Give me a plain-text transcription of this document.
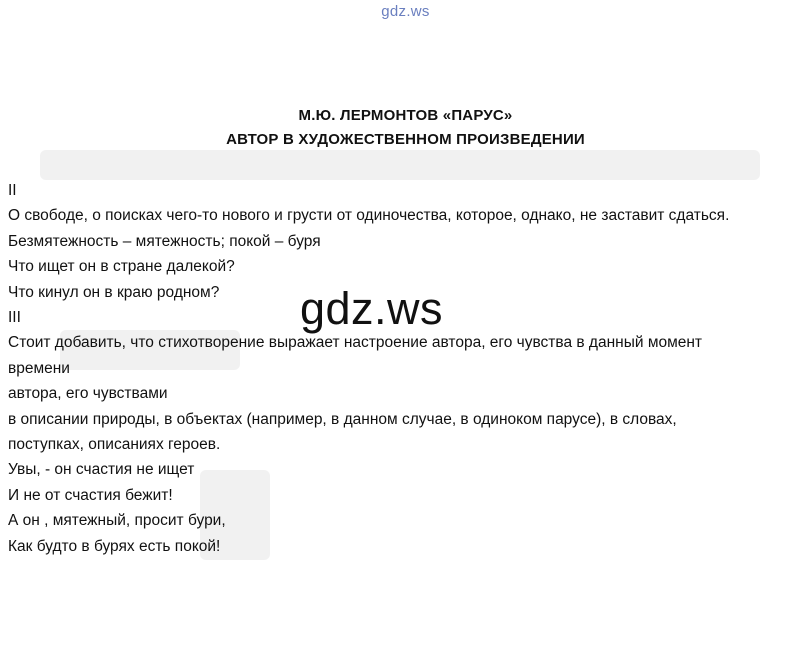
gdz.ws
М.Ю. ЛЕРМОНТОВ «ПАРУС»
АВТОР В ХУДОЖЕСТВЕННОМ ПРОИЗВЕДЕНИИ
II
О свободе, о поисках чего-то нового и грусти от одиночества, которое, однако, не заставит сдаться.
Безмятежность – мятежность; покой – буря
Что ищет он в стране далекой?
Что кинул он в краю родном?
III
Стоит добавить, что стихотворение выражает настроение автора, его чувства в данный момент
времени
автора, его чувствами
в описании природы, в объектах (например, в данном случае, в одиноком парусе), в словах,
поступках, описаниях героев.
Увы, - он счастия не ищет
И не от счастия бежит!
А он , мятежный, просит бури,
Как будто в бурях есть покой!
gdz.ws
